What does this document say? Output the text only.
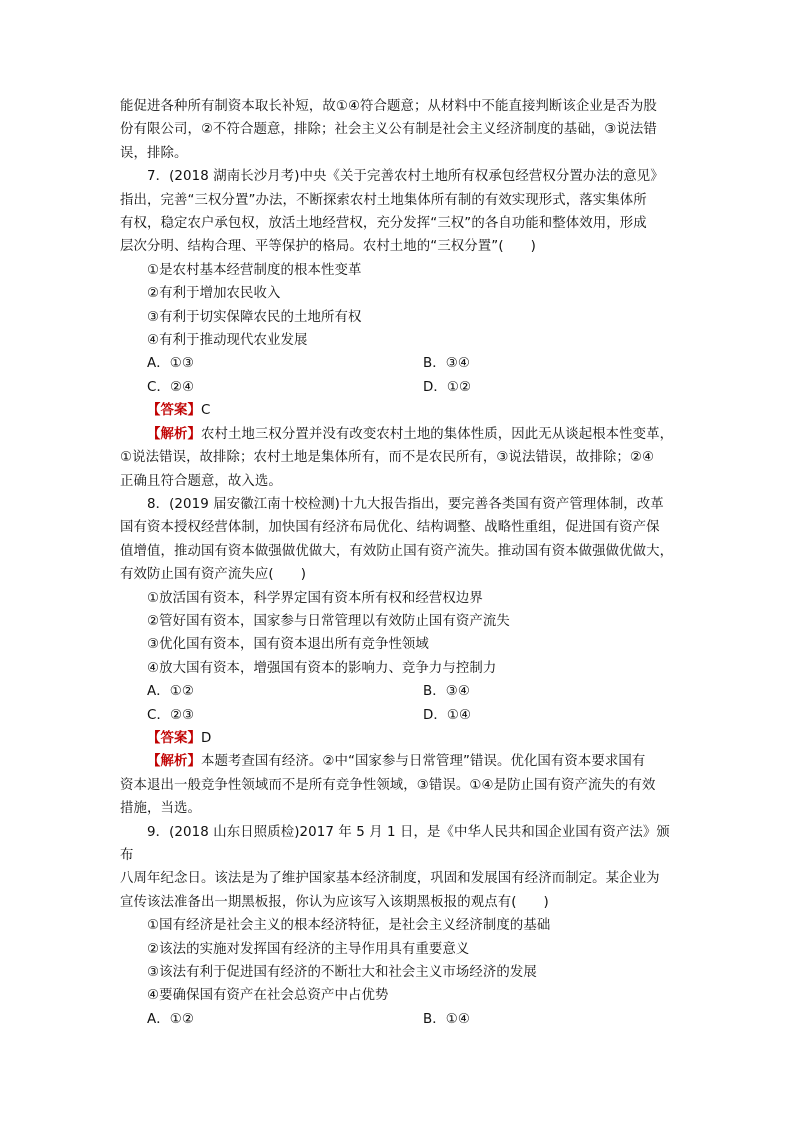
能促进各种所有制资本取长补短，故①④符合题意；从材料中不能直接判断该企业是否为股

份有限公司，②不符合题意，排除；社会主义公有制是社会主义经济制度的基础，③说法错

误，排除。

7．(2018 湖南长沙月考)中央《关于完善农村土地所有权承包经营权分置办法的意见》

指出，完善“三权分置”办法，不断探索农村土地集体所有制的有效实现形式，落实集体所

有权，稳定农户承包权，放活土地经营权，充分发挥“三权”的各自功能和整体效用，形成

层次分明、结构合理、平等保护的格局。农村土地的“三权分置”(　　)

①是农村基本经营制度的根本性变革

②有利于增加农民收入

③有利于切实保障农民的土地所有权

④有利于推动现代农业发展

A．①③	B．③④
C．②④	D．①②

【答案】C

【解析】农村土地三权分置并没有改变农村土地的集体性质，因此无从谈起根本性变革，

①说法错误，故排除；农村土地是集体所有，而不是农民所有，③说法错误，故排除；②④

正确且符合题意，故入选。

8．(2019 届安徽江南十校检测)十九大报告指出，要完善各类国有资产管理体制，改革

国有资本授权经营体制，加快国有经济布局优化、结构调整、战略性重组，促进国有资产保

值增值，推动国有资本做强做优做大，有效防止国有资产流失。推动国有资本做强做优做大，

有效防止国有资产流失应(　　)

①放活国有资本，科学界定国有资本所有权和经营权边界

②管好国有资本，国家参与日常管理以有效防止国有资产流失

③优化国有资本，国有资本退出所有竞争性领域

④放大国有资本，增强国有资本的影响力、竞争力与控制力

A．①②	B．③④
C．②③	D．①④

【答案】D

【解析】本题考查国有经济。②中“国家参与日常管理”错误。优化国有资本要求国有

资本退出一般竞争性领域而不是所有竞争性领域，③错误。①④是防止国有资产流失的有效

措施，当选。

9．(2018 山东日照质检)2017 年 5 月 1 日，是《中华人民共和国企业国有资产法》颁布

八周年纪念日。该法是为了维护国家基本经济制度，巩固和发展国有经济而制定。某企业为

宣传该法准备出一期黑板报，你认为应该写入该期黑板报的观点有(　　)

①国有经济是社会主义的根本经济特征，是社会主义经济制度的基础

②该法的实施对发挥国有经济的主导作用具有重要意义

③该法有利于促进国有经济的不断壮大和社会主义市场经济的发展

④要确保国有资产在社会总资产中占优势

A．①②	B．①④
